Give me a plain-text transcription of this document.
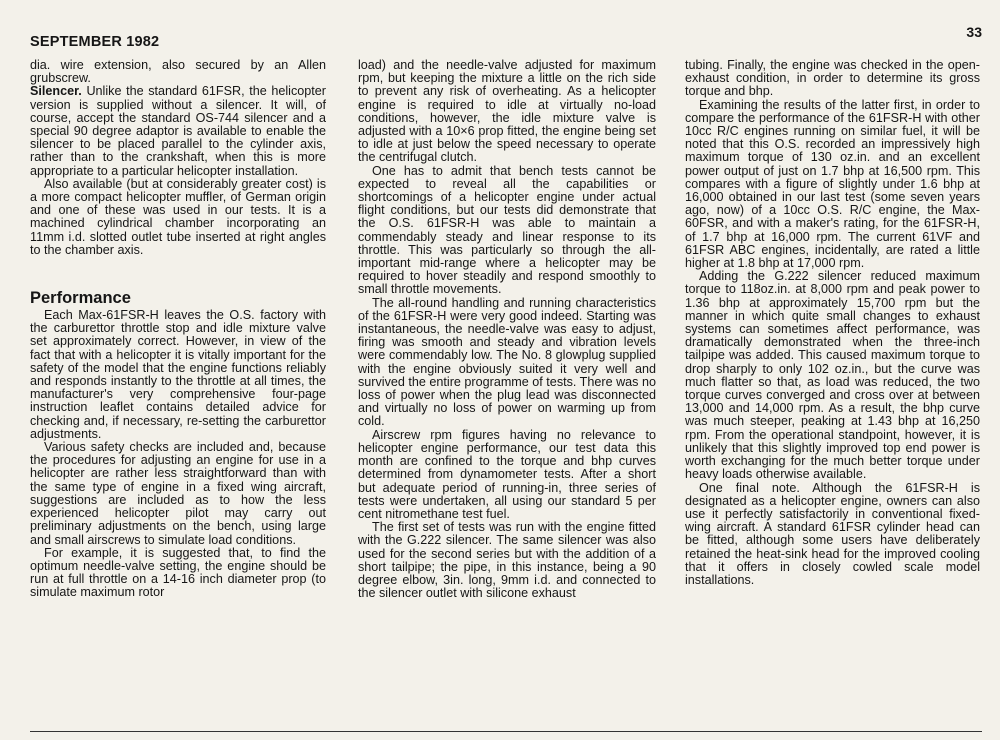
SEPTEMBER 1982
33

dia. wire extension, also secured by an Allen grubscrew.

Silencer. Unlike the standard 61FSR, the helicopter version is supplied without a silencer. It will, of course, accept the standard OS-744 silencer and a special 90 degree adaptor is available to enable the silencer to be placed parallel to the cylinder axis, rather than to the crankshaft, when this is more appropriate to a particular helicopter installation.

Also available (but at considerably greater cost) is a more compact helicopter muffler, of German origin and one of these was used in our tests. It is a machined cylindrical chamber incorporating an 11mm i.d. slotted outlet tube inserted at right angles to the chamber axis.

Performance

Each Max-61FSR-H leaves the O.S. factory with the carburettor throttle stop and idle mixture valve set approximately correct. However, in view of the fact that with a helicopter it is vitally important for the safety of the model that the engine functions reliably and responds instantly to the throttle at all times, the manufacturer's very comprehensive four-page instruction leaflet contains detailed advice for checking and, if necessary, re-setting the carburettor adjustments.

Various safety checks are included and, because the procedures for adjusting an engine for use in a helicopter are rather less straightforward than with the same type of engine in a fixed wing aircraft, suggestions are included as to how the less experienced helicopter pilot may carry out preliminary adjustments on the bench, using large and small airscrews to simulate load conditions.

For example, it is suggested that, to find the optimum needle-valve setting, the engine should be run at full throttle on a 14-16 inch diameter prop (to simulate maximum rotor

load) and the needle-valve adjusted for maximum rpm, but keeping the mixture a little on the rich side to prevent any risk of overheating. As a helicopter engine is required to idle at virtually no-load conditions, however, the idle mixture valve is adjusted with a 10×6 prop fitted, the engine being set to idle at just below the speed necessary to operate the centrifugal clutch.

One has to admit that bench tests cannot be expected to reveal all the capabilities or shortcomings of a helicopter engine under actual flight conditions, but our tests did demonstrate that the O.S. 61FSR-H was able to maintain a commendably steady and linear response to its throttle. This was particularly so through the all-important mid-range where a helicopter may be required to hover steadily and respond smoothly to small throttle movements.

The all-round handling and running characteristics of the 61FSR-H were very good indeed. Starting was instantaneous, the needle-valve was easy to adjust, firing was smooth and steady and vibration levels were commendably low. The No. 8 glowplug supplied with the engine obviously suited it very well and survived the entire programme of tests. There was no loss of power when the plug lead was disconnected and virtually no loss of power on warming up from cold.

Airscrew rpm figures having no relevance to helicopter engine performance, our test data this month are confined to the torque and bhp curves determined from dynamometer tests. After a short but adequate period of running-in, three series of tests were undertaken, all using our standard 5 per cent nitromethane test fuel.

The first set of tests was run with the engine fitted with the G.222 silencer. The same silencer was also used for the second series but with the addition of a short tailpipe; the pipe, in this instance, being a 90 degree elbow, 3in. long, 9mm i.d. and connected to the silencer outlet with silicone exhaust

tubing. Finally, the engine was checked in the open-exhaust condition, in order to determine its gross torque and bhp.

Examining the results of the latter first, in order to compare the performance of the 61FSR-H with other 10cc R/C engines running on similar fuel, it will be noted that this O.S. recorded an impressively high maximum torque of 130 oz.in. and an excellent power output of just on 1.7 bhp at 16,500 rpm. This compares with a figure of slightly under 1.6 bhp at 16,000 obtained in our last test (some seven years ago, now) of a 10cc O.S. R/C engine, the Max-60FSR, and with a maker's rating, for the 61FSR-H, of 1.7 bhp at 16,000 rpm. The current 61VF and 61FSR ABC engines, incidentally, are rated a little higher at 1.8 bhp at 17,000 rpm.

Adding the G.222 silencer reduced maximum torque to 118oz.in. at 8,000 rpm and peak power to 1.36 bhp at approximately 15,700 rpm but the manner in which quite small changes to exhaust systems can sometimes affect performance, was dramatically demonstrated when the three-inch tailpipe was added. This caused maximum torque to drop sharply to only 102 oz.in., but the curve was much flatter so that, as load was reduced, the two torque curves converged and cross over at between 13,000 and 14,000 rpm. As a result, the bhp curve was much steeper, peaking at 1.43 bhp at 16,250 rpm. From the operational standpoint, however, it is unlikely that this slightly improved top end power is worth exchanging for the much better torque under heavy loads otherwise available.

One final note. Although the 61FSR-H is designated as a helicopter engine, owners can also use it perfectly satisfactorily in conventional fixed-wing aircraft. A standard 61FSR cylinder head can be fitted, although some users have deliberately retained the heat-sink head for the improved cooling that it offers in closely cowled scale model installations.
